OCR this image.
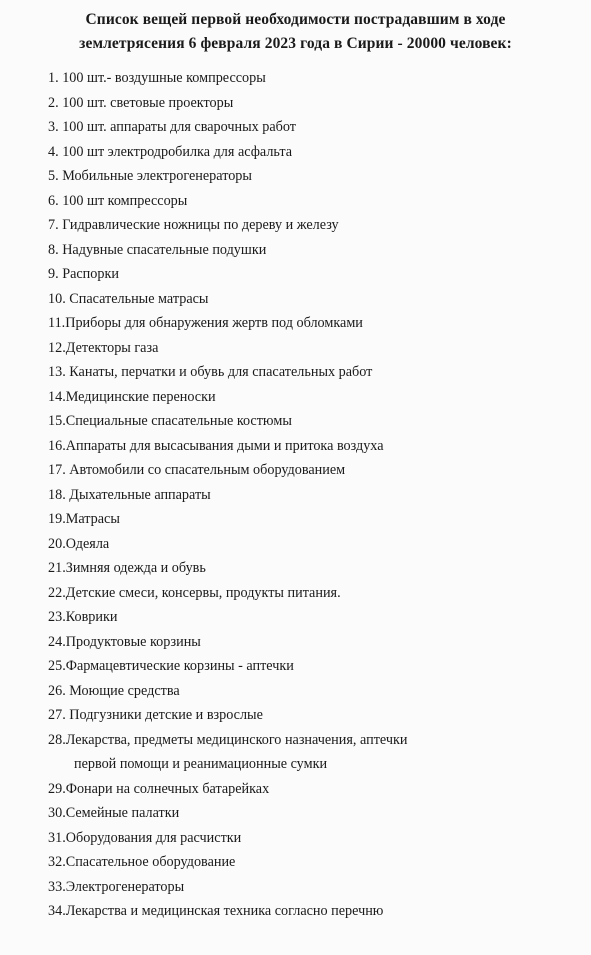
Список вещей первой необходимости пострадавшим в ходе
землетрясения 6 февраля 2023 года в Сирии - 20000 человек:
1. 100 шт.- воздушные компрессоры
2. 100 шт. световые проекторы
3. 100 шт. аппараты для сварочных работ
4. 100 шт электродробилка для асфальта
5. Мобильные электрогенераторы
6. 100 шт компрессоры
7. Гидравлические ножницы по дереву и железу
8. Надувные спасательные подушки
9. Распорки
10. Спасательные матрасы
11.Приборы для обнаружения жертв под обломками
12.Детекторы газа
13. Канаты, перчатки и обувь для спасательных работ
14.Медицинские переноски
15.Специальные спасательные костюмы
16.Аппараты для высасывания дыми и притока воздуха
17. Автомобили со спасательным оборудованием
18. Дыхательные аппараты
19.Матрасы
20.Одеяла
21.Зимняя одежда и обувь
22.Детские смеси, консервы, продукты питания.
23.Коврики
24.Продуктовые корзины
25.Фармацевтические корзины - аптечки
26. Моющие средства
27. Подгузники детские и взрослые
28.Лекарства, предметы медицинского назначения, аптечки
первой помощи и реанимационные сумки
29.Фонари на солнечных батарейках
30.Семейные палатки
31.Оборудования для расчистки
32.Спасательное оборудование
33.Электрогенераторы
34.Лекарства и медицинская техника согласно перечню
